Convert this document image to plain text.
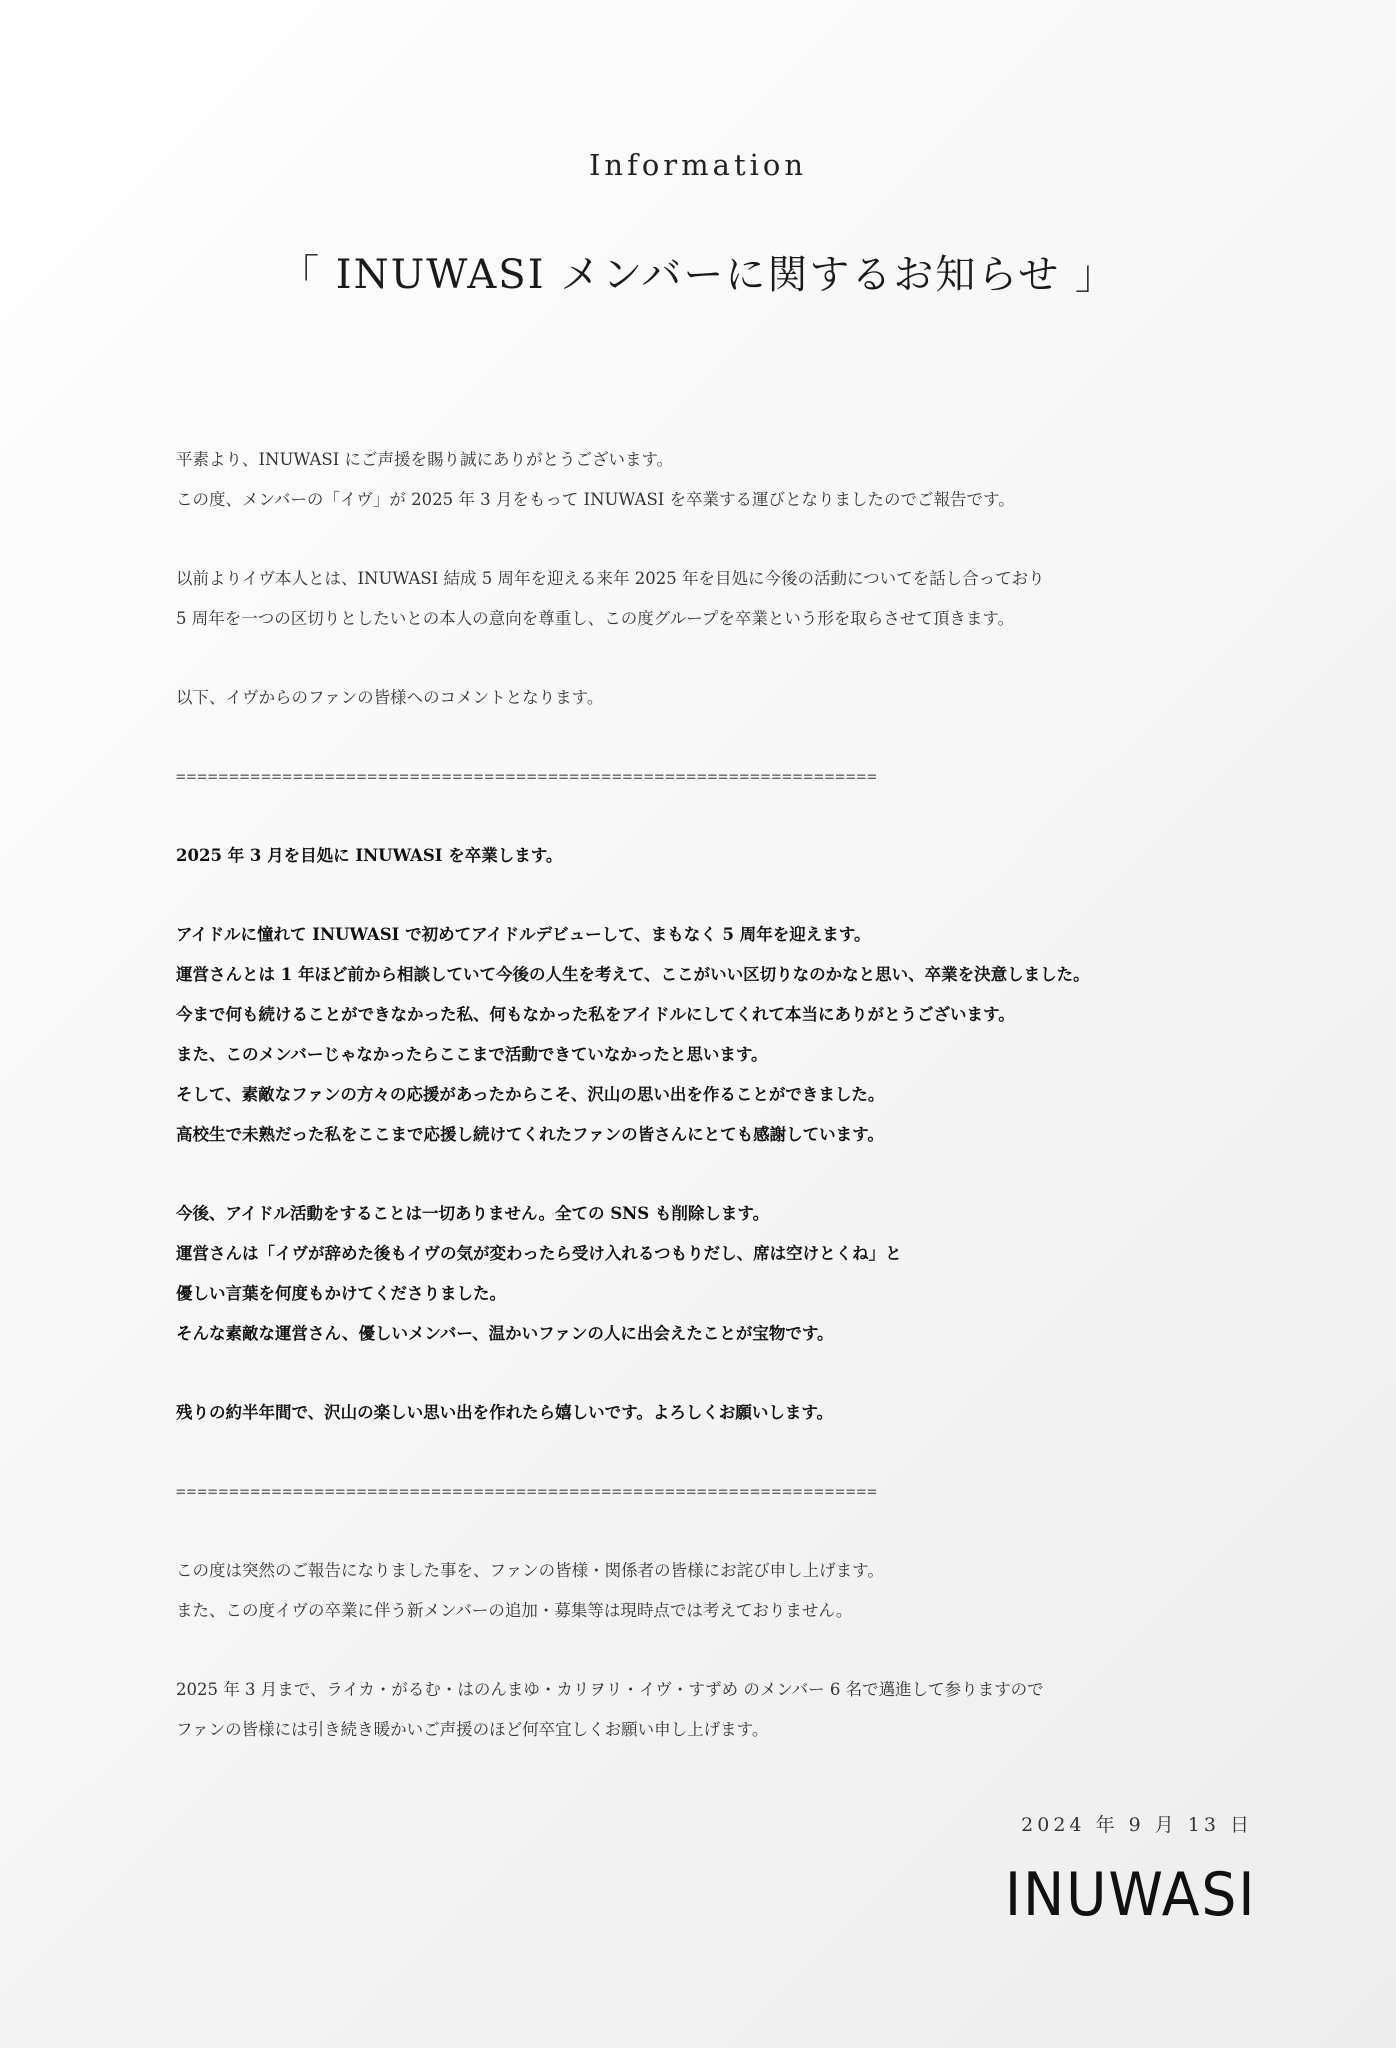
Information
「 INUWASI メンバーに関するお知らせ 」
平素より、INUWASI にご声援を賜り誠にありがとうございます。
この度、メンバーの「イヴ」が 2025 年 3 月をもって INUWASI を卒業する運びとなりましたのでご報告です。
以前よりイヴ本人とは、INUWASI 結成 5 周年を迎える来年 2025 年を目処に今後の活動についてを話し合っており
5 周年を一つの区切りとしたいとの本人の意向を尊重し、この度グループを卒業という形を取らさせて頂きます。
以下、イヴからのファンの皆様へのコメントとなります。
==================================================================
2025 年 3 月を目処に INUWASI を卒業します。
アイドルに憧れて INUWASI で初めてアイドルデビューして、まもなく 5 周年を迎えます。
運営さんとは 1 年ほど前から相談していて今後の人生を考えて、ここがいい区切りなのかなと思い、卒業を決意しました。
今まで何も続けることができなかった私、何もなかった私をアイドルにしてくれて本当にありがとうございます。
また、このメンバーじゃなかったらここまで活動できていなかったと思います。
そして、素敵なファンの方々の応援があったからこそ、沢山の思い出を作ることができました。
高校生で未熟だった私をここまで応援し続けてくれたファンの皆さんにとても感謝しています。
今後、アイドル活動をすることは一切ありません。全ての SNS も削除します。
運営さんは「イヴが辞めた後もイヴの気が変わったら受け入れるつもりだし、席は空けとくね」と
優しい言葉を何度もかけてくださりました。
そんな素敵な運営さん、優しいメンバー、温かいファンの人に出会えたことが宝物です。
残りの約半年間で、沢山の楽しい思い出を作れたら嬉しいです。よろしくお願いします。
==================================================================
この度は突然のご報告になりました事を、ファンの皆様・関係者の皆様にお詫び申し上げます。
また、この度イヴの卒業に伴う新メンバーの追加・募集等は現時点では考えておりません。
2025 年 3 月まで、ライカ・がるむ・はのんまゆ・カリヲリ・イヴ・すずめ のメンバー 6 名で邁進して参りますので
ファンの皆様には引き続き暖かいご声援のほど何卒宜しくお願い申し上げます。
2024 年 9 月 13 日
INUWASI
